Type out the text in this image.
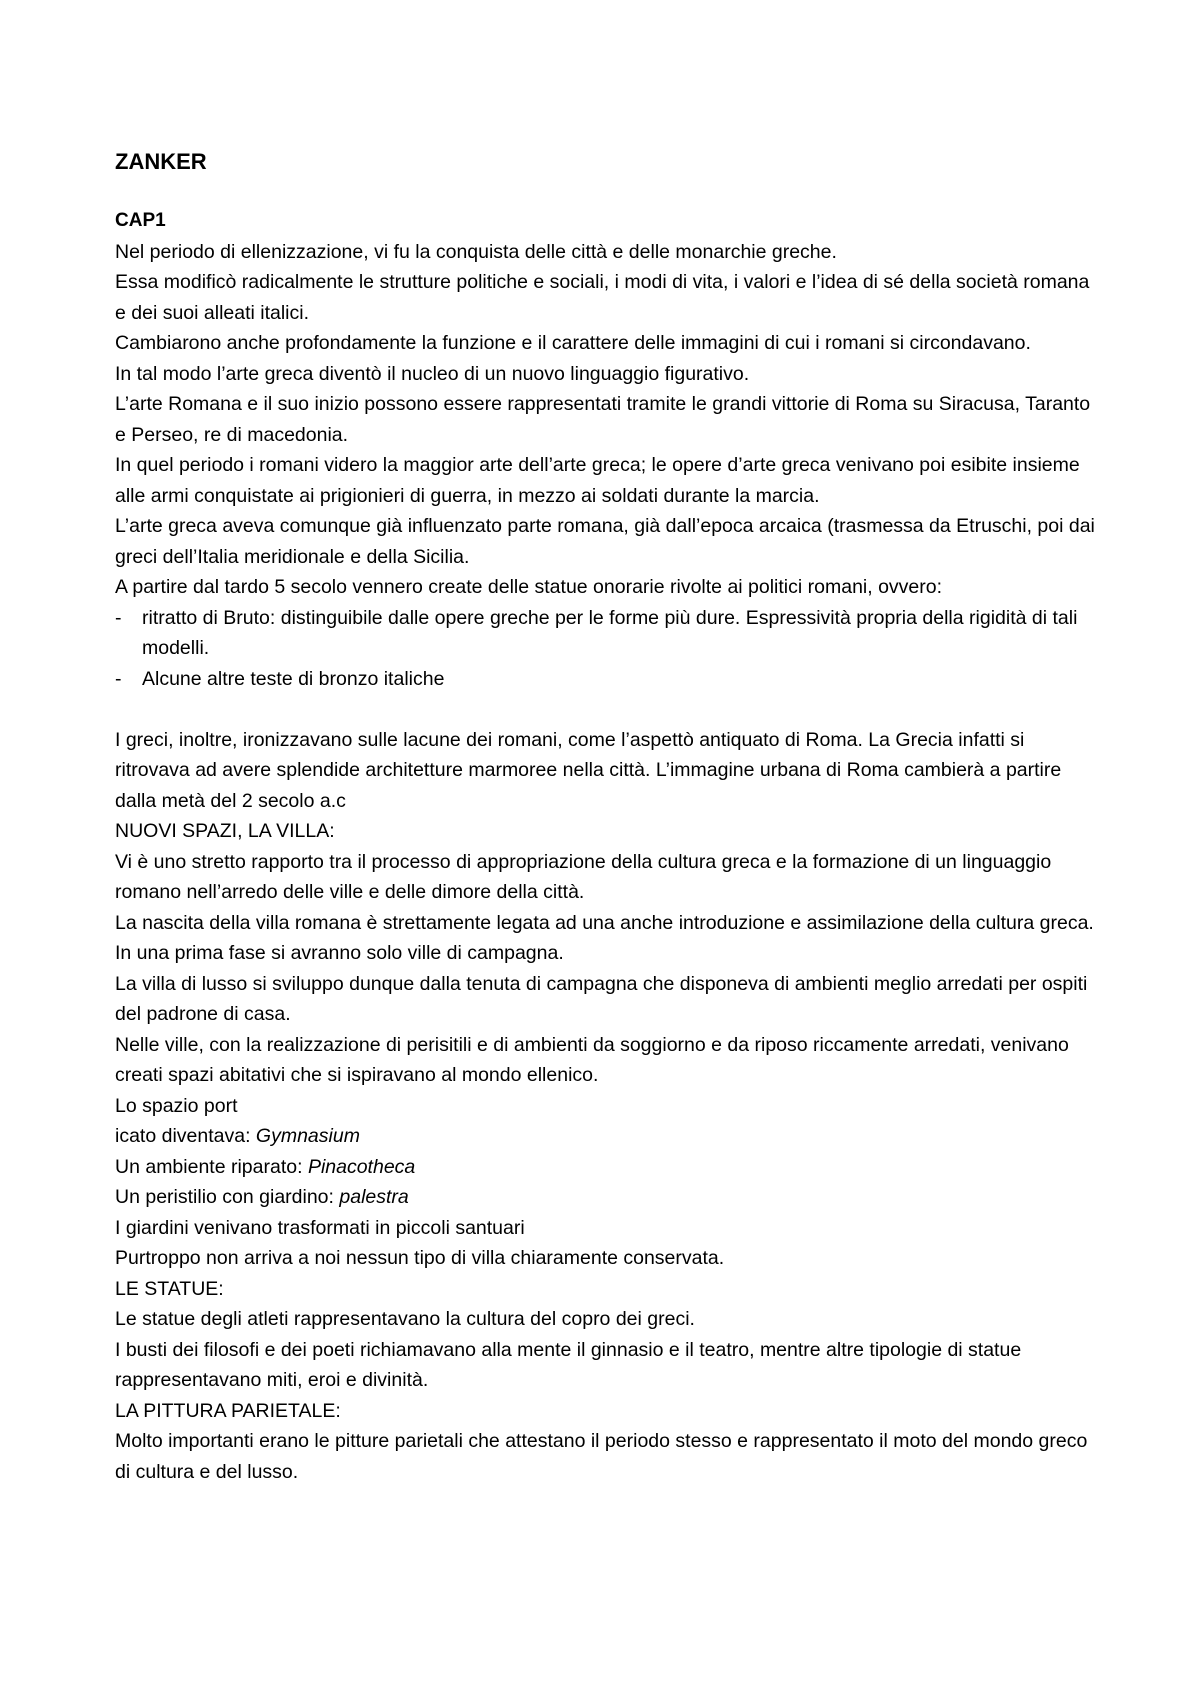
ZANKER
CAP1

Nel periodo di ellenizzazione, vi fu la conquista delle città e delle monarchie greche.

Essa modificò radicalmente le strutture politiche e sociali, i modi di vita, i valori e l’idea di sé della società romana e dei suoi alleati italici.

Cambiarono anche profondamente la funzione e il carattere delle immagini di cui i romani si circondavano.

In tal modo l’arte greca diventò il nucleo di un nuovo linguaggio figurativo.

L’arte Romana e il suo inizio possono essere rappresentati tramite le grandi vittorie di Roma su Siracusa, Taranto e Perseo, re di macedonia.

In quel periodo i romani videro la maggior arte dell’arte greca; le opere d’arte greca venivano poi esibite insieme alle armi conquistate ai prigionieri di guerra, in mezzo ai soldati durante la marcia.

L’arte greca aveva comunque già influenzato parte romana, già dall’epoca arcaica (trasmessa da Etruschi, poi dai greci dell’Italia meridionale e della Sicilia.

A partire dal tardo 5 secolo vennero create delle statue onorarie rivolte ai politici romani, ovvero:

-	ritratto di Bruto: distinguibile dalle opere greche per le forme più dure. Espressività propria della rigidità di tali modelli.
-	Alcune altre teste di bronzo italiche

I greci, inoltre, ironizzavano sulle lacune dei romani, come l’aspettò antiquato di Roma. La Grecia infatti si ritrovava ad avere splendide architetture marmoree nella città. L’immagine urbana di Roma cambierà a partire dalla metà del 2 secolo a.c

NUOVI SPAZI, LA VILLA:

Vi è uno stretto rapporto tra il processo di appropriazione della cultura greca e la formazione di un linguaggio romano nell’arredo delle ville e delle dimore della città.

La nascita della villa romana è strettamente legata ad una anche introduzione e assimilazione della cultura greca.

In una prima fase si avranno solo ville di campagna.

La villa di lusso si sviluppo dunque dalla tenuta di campagna che disponeva di ambienti meglio arredati per ospiti del padrone di casa.

Nelle ville, con la realizzazione di perisitili e di ambienti da soggiorno e da riposo riccamente arredati, venivano creati spazi abitativi che si ispiravano al mondo ellenico.

Lo spazio port

icato diventava: Gymnasium

Un ambiente riparato: Pinacotheca

Un peristilio con giardino: palestra

I giardini venivano trasformati in piccoli santuari

Purtroppo non arriva a noi nessun tipo di villa chiaramente conservata.

LE STATUE:

Le statue degli atleti rappresentavano la cultura del copro dei greci.

I busti dei filosofi e dei poeti richiamavano alla mente il ginnasio e il teatro, mentre altre tipologie di statue rappresentavano miti, eroi e divinità.

LA PITTURA PARIETALE:

Molto importanti erano le pitture parietali che attestano il periodo stesso e rappresentato il moto del mondo greco di cultura e del lusso.
